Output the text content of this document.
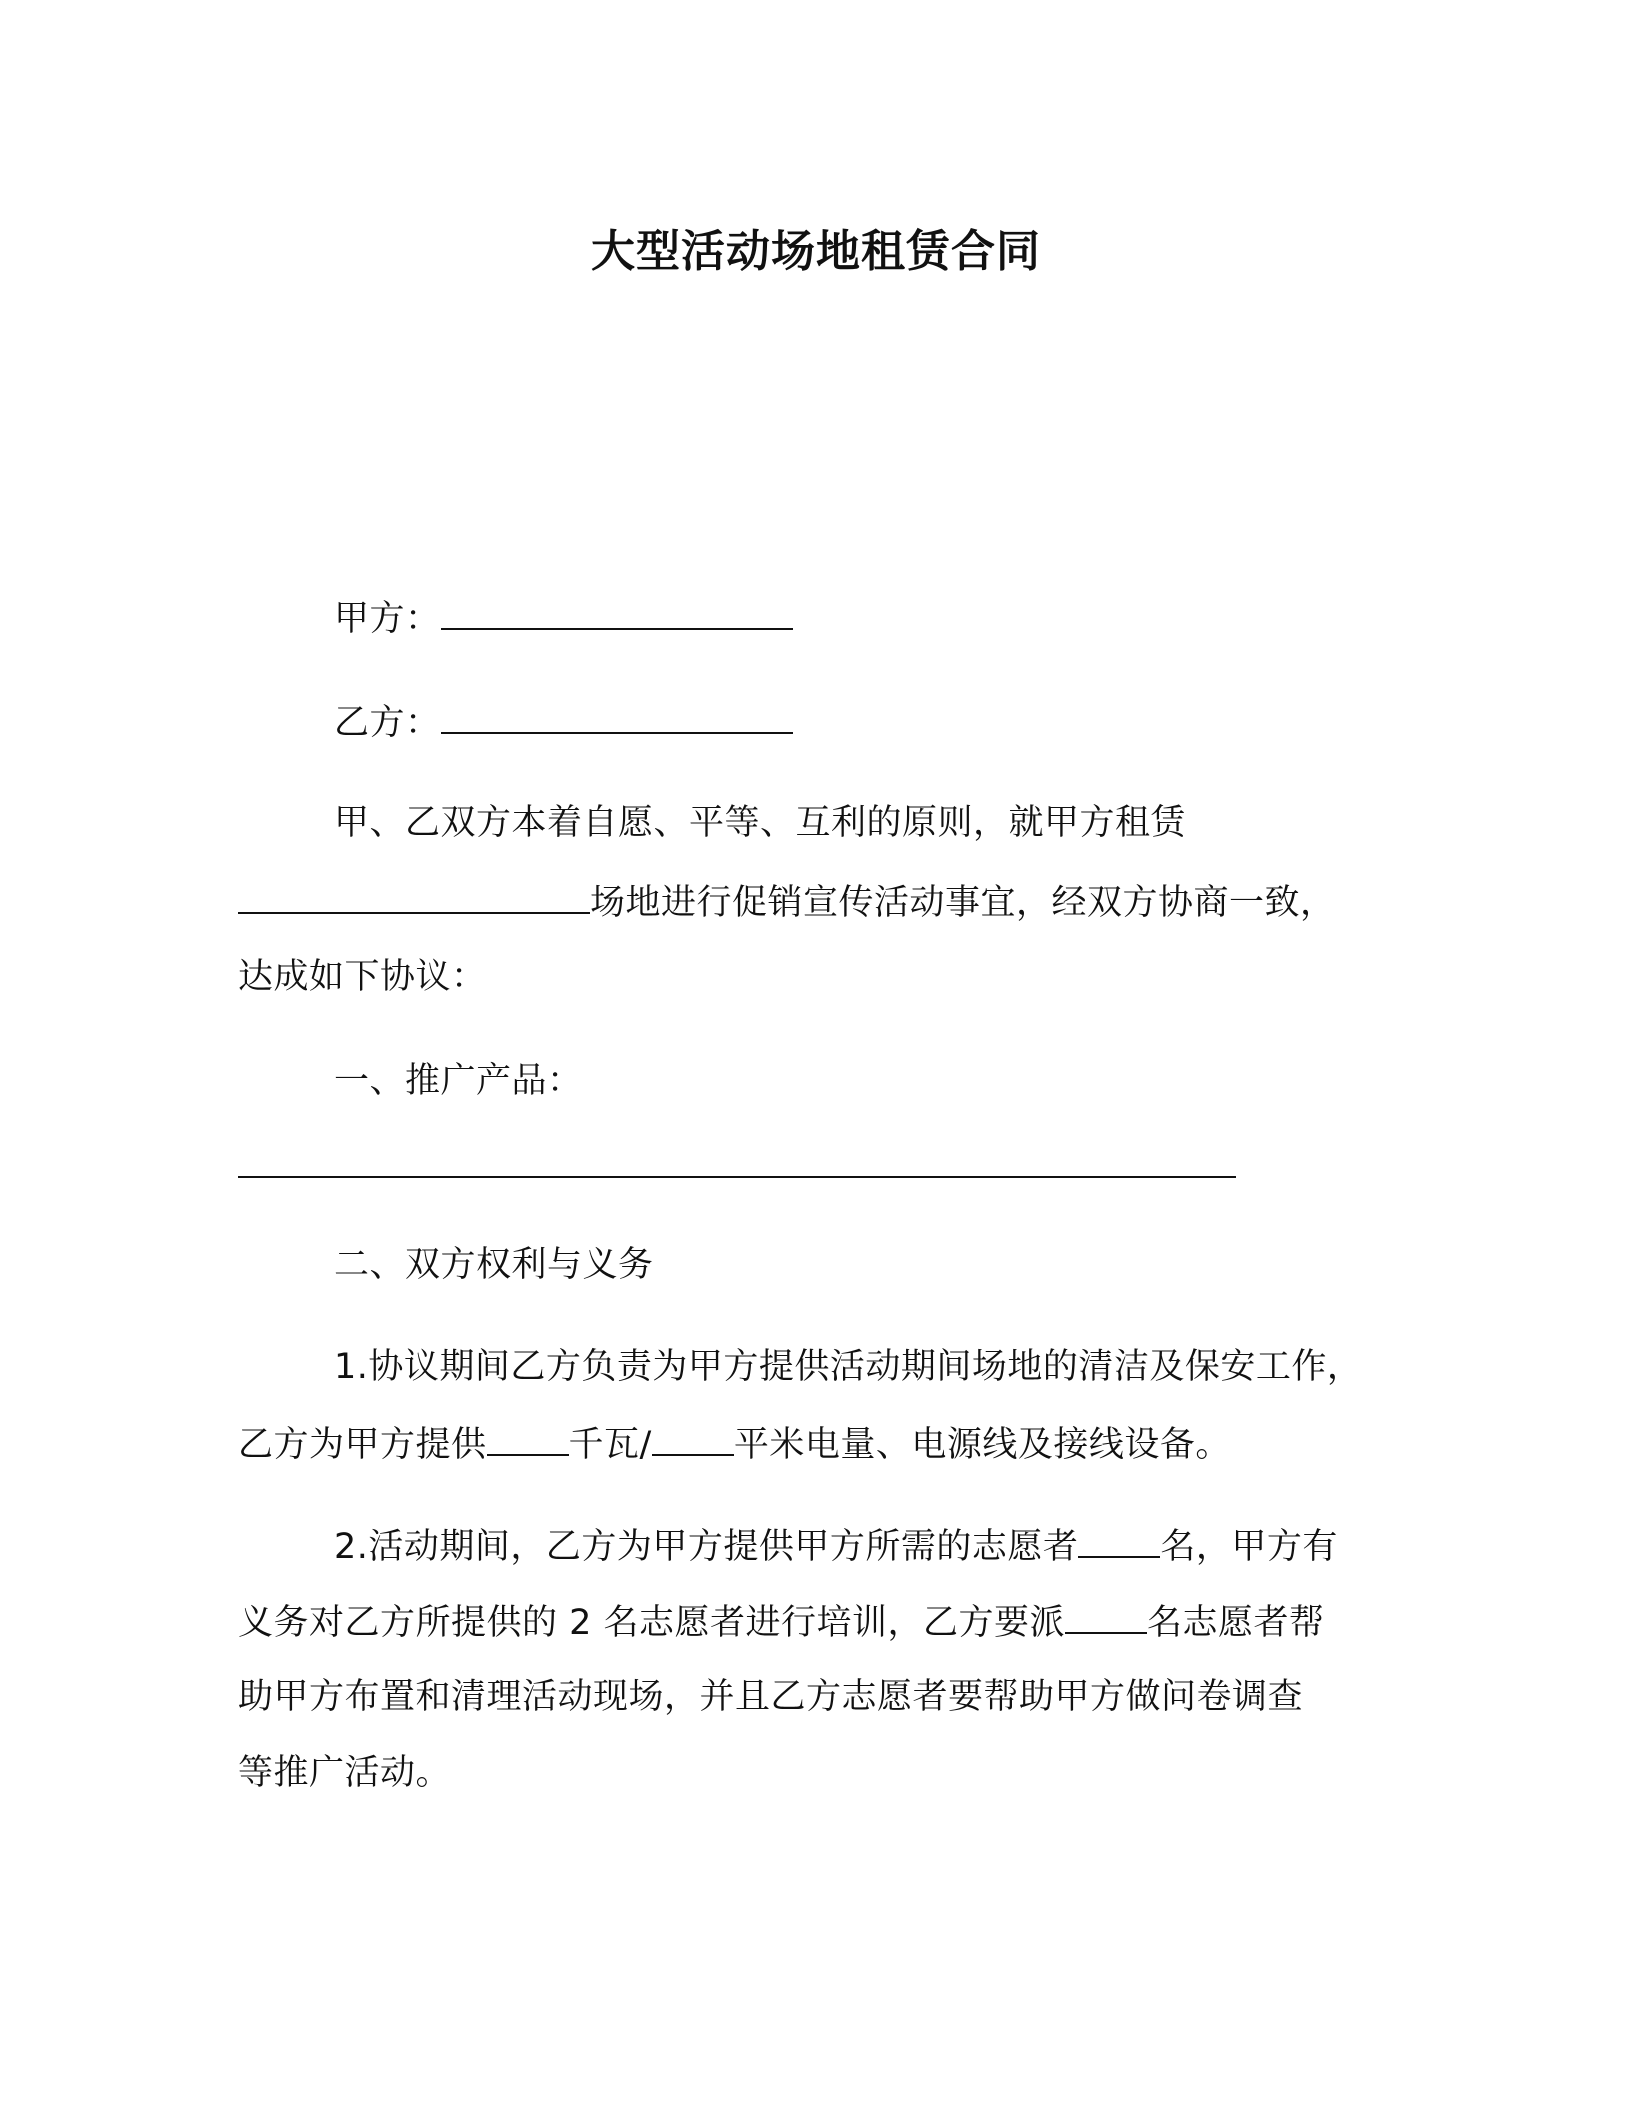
大型活动场地租赁合同
甲方：
乙方：
甲、乙双方本着自愿、平等、互利的原则，就甲方租赁
场地进行促销宣传活动事宜，经双方协商一致，
达成如下协议：
一、推广产品：
二、双方权利与义务
1.协议期间乙方负责为甲方提供活动期间场地的清洁及保安工作，
乙方为甲方提供 千瓦/ 平米电量、电源线及接线设备。
2.活动期间，乙方为甲方提供甲方所需的志愿者 名，甲方有
义务对乙方所提供的 2 名志愿者进行培训，乙方要派 名志愿者帮
助甲方布置和清理活动现场，并且乙方志愿者要帮助甲方做问卷调查
等推广活动。
